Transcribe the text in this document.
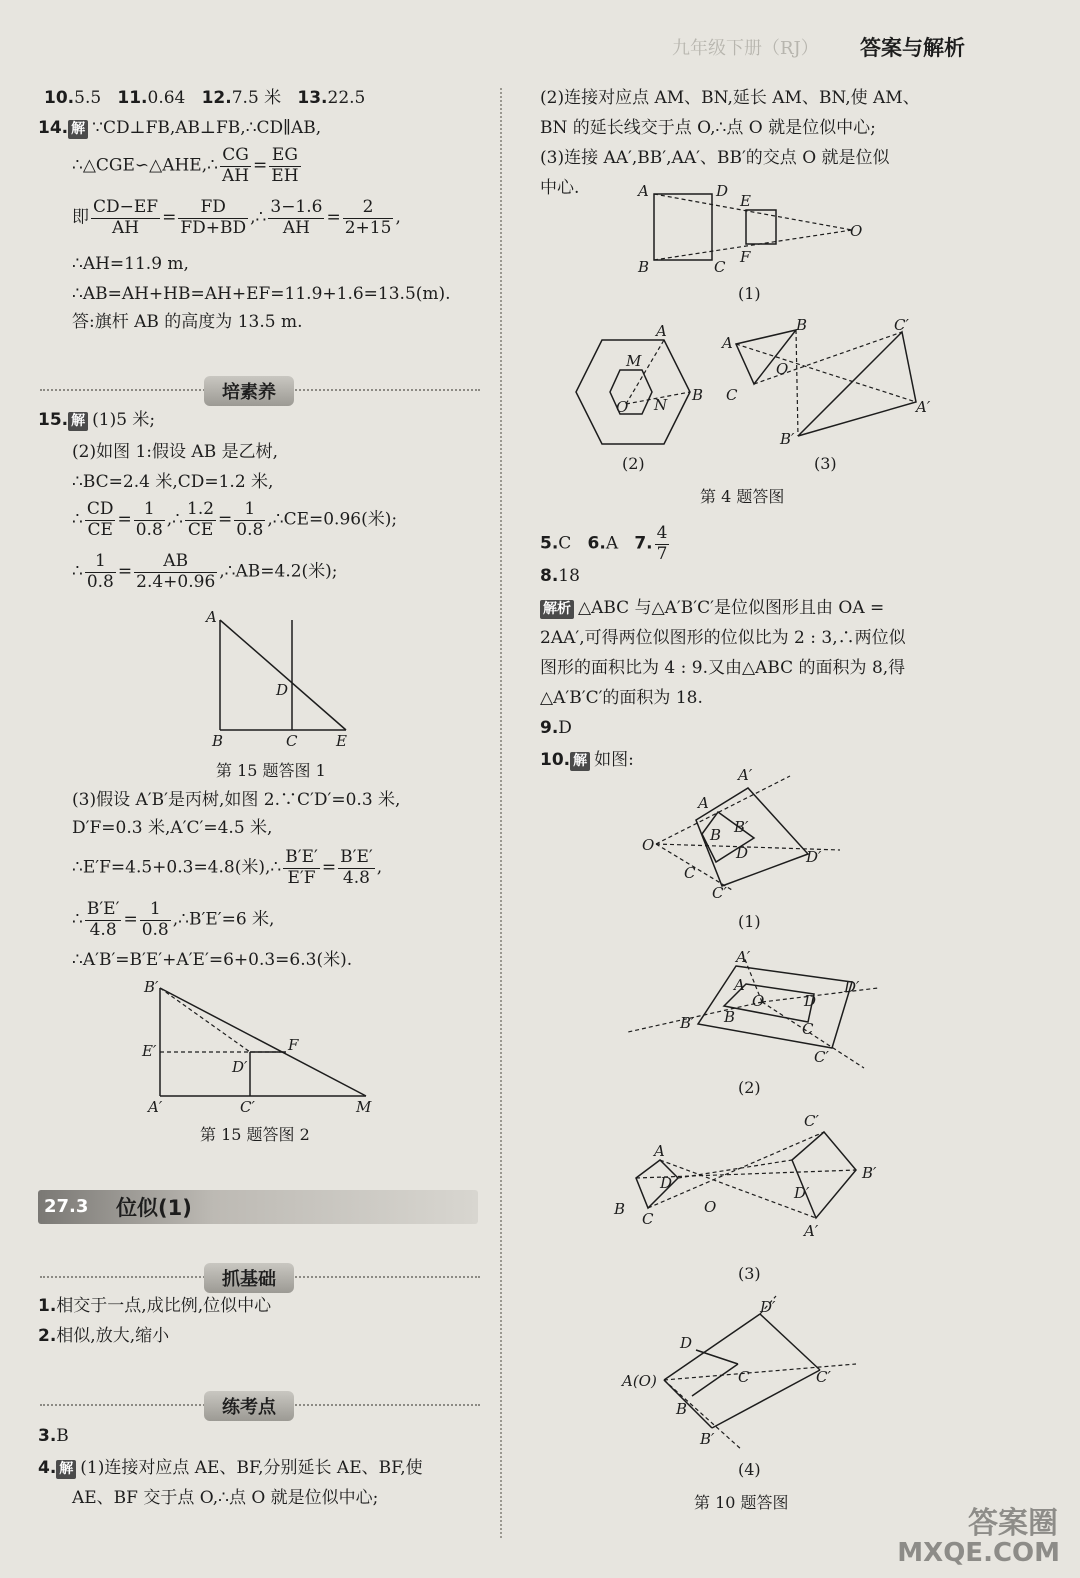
九年级下册（RJ） 答案与解析
10.5.5 11.0.64 12.7.5 米 13.22.5
14. 解 ∵CD⊥FB,AB⊥FB,∴CD∥AB,
∴△CGE∽△AHE,∴ $\frac{CG}{AH} = \frac{EG}{EH}$
即 $\frac{CD-EF}{AH} = \frac{FD}{FD+BD}$ ,∴ $\frac{3-1.6}{AH} = \frac{2}{2+15}$ ,
∴AH=11.9 m,
∴AB=AH+HB=AH+EF=11.9+1.6=13.5(m).
答:旗杆 AB 的高度为 13.5 m.
培素养
15. 解 (1)5 米;
(2)如图 1:假设 AB 是乙树,
∴BC=2.4 米,CD=1.2 米,
∴ $\frac{CD}{CE} = \frac{1}{0.8}$ ,∴ $\frac{1.2}{CE} = \frac{1}{0.8}$ ,∴CE=0.96(米);
∴ $\frac{1}{0.8} = \frac{AB}{2.4+0.96}$ ,∴AB=4.2(米);
A
D
B	C	E
第 15 题答图 1
(3)假设 A′B′是丙树,如图 2.∵C′D′=0.3 米,
D′F=0.3 米,A′C′=4.5 米,
∴E′F=4.5+0.3=4.8(米),∴ $\frac{B'E'}{E'F} = \frac{B'E'}{4.8}$ ,
∴ $\frac{B'E'}{4.8} = \frac{1}{0.8}$ ,∴B′E′=6 米,
∴A′B′=B′E′+A′E′=6+0.3=6.3(米).
B′
E′
D′
F
A′	C′	M
第 15 题答图 2
27.3 位似(1)
抓基础
1.相交于一点,成比例,位似中心
2.相似,放大,缩小
练考点
3.B
4. 解 (1)连接对应点 AE、BF,分别延长 AE、BF,使
AE、BF 交于点 O,∴点 O 就是位似中心;
(2)连接对应点 AM、BN,延长 AM、BN,使 AM、
BN 的延长线交于点 O,∴点 O 就是位似中心;
(3)连接 AA′,BB′,AA′、BB′的交点 O 就是位似
中心.	A	D
E
B	C
F
O
(1)
A
M
O N
B
(2)
A
B
O
C
C′
A′
B′
(3)
第 4 题答图
5.C 6.A 7. $\frac{4}{7}$
8.18
解析 △ABC 与△A′B′C′是位似图形且由 OA =
2AA′,可得两位似图形的位似比为 2 : 3,∴两位似
图形的面积比为 4 : 9.又由△ABC 的面积为 8,得
△A′B′C′的面积为 18.
9.D
10. 解 如图:
A′
A
B B′
O	D	D′
C
C′
(1)
A′
A
O	D
D′
B′ B
C
C′
(2)
A
D
B
C
O
C′
B′
D′
A′
(3)
D′
D
A(O)	C	C′
B
B′
(4)
第 10 题答图
答案圈
MXQE.COM
